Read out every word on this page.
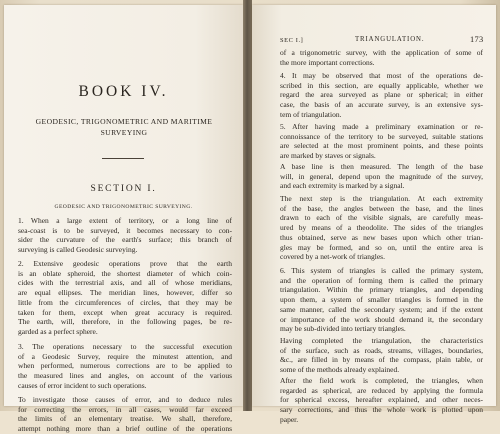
BOOK IV.
GEODESIC, TRIGONOMETRIC AND MARITIME
SURVEYING
SECTION I.
GEODESIC AND TRIGONOMETRIC SURVEYING.
1. When a large extent of territory, or a long line of
sea-coast is to be surveyed, it becomes necessary to con-
sider the curvature of the earth's surface; this branch of
surveying is called Geodesic surveying.
2. Extensive geodesic operations prove that the earth
is an oblate spheroid, the shortest diameter of which coin-
cides with the terrestrial axis, and all of whose meridians,
are equal ellipses. The meridian lines, however, differ so
little from the circumferences of circles, that they may be
taken for them, except when great accuracy is required.
The earth, will, therefore, in the following pages, be re-
garded as a perfect sphere.
3. The operations necessary to the successful execution
of a Geodesic Survey, require the minutest attention, and
when performed, numerous corrections are to be applied to
the measured lines and angles, on account of the various
causes of error incident to such operations.
To investigate those causes of error, and to deduce rules
for correcting the errors, in all cases, would far exceed
the limits of an elementary treatise. We shall, therefore,
attempt nothing more than a brief outline of the operations
SEC I.]	TRIANGULATION.	173
of a trigonometric survey, with the application of some of
the more important corrections.
4. It may be observed that most of the operations de-
scribed in this section, are equally applicable, whether we
regard the area surveyed as plane or spherical; in either
case, the basis of an accurate survey, is an extensive sys-
tem of triangulation.
5. After having made a preliminary examination or re-
connoissance of the territory to be surveyed, suitable stations
are selected at the most prominent points, and these points
are marked by staves or signals.
A base line is then measured. The length of the base
will, in general, depend upon the magnitude of the survey,
and each extremity is marked by a signal.
The next step is the triangulation. At each extremity
of the base, the angles between the base, and the lines
drawn to each of the visible signals, are carefully meas-
ured by means of a theodolite. The sides of the triangles
thus obtained, serve as new bases upon which other trian-
gles may be formed, and so on, until the entire area is
covered by a net-work of triangles.
6. This system of triangles is called the primary system,
and the operation of forming them is called the primary
triangulation. Within the primary triangles, and depending
upon them, a system of smaller triangles is formed in the
same manner, called the secondary system; and if the extent
or importance of the work should demand it, the secondary
may be sub-divided into tertiary triangles.
Having completed the triangulation, the characteristics
of the surface, such as roads, streams, villages, boundaries,
&c., are filled in by means of the compass, plain table, or
some of the methods already explained.
After the field work is completed, the triangles, when
regarded as spherical, are reduced by applying the formula
for spherical excess, hereafter explained, and other neces-
sary corrections, and thus the whole work is plotted upon
paper.
